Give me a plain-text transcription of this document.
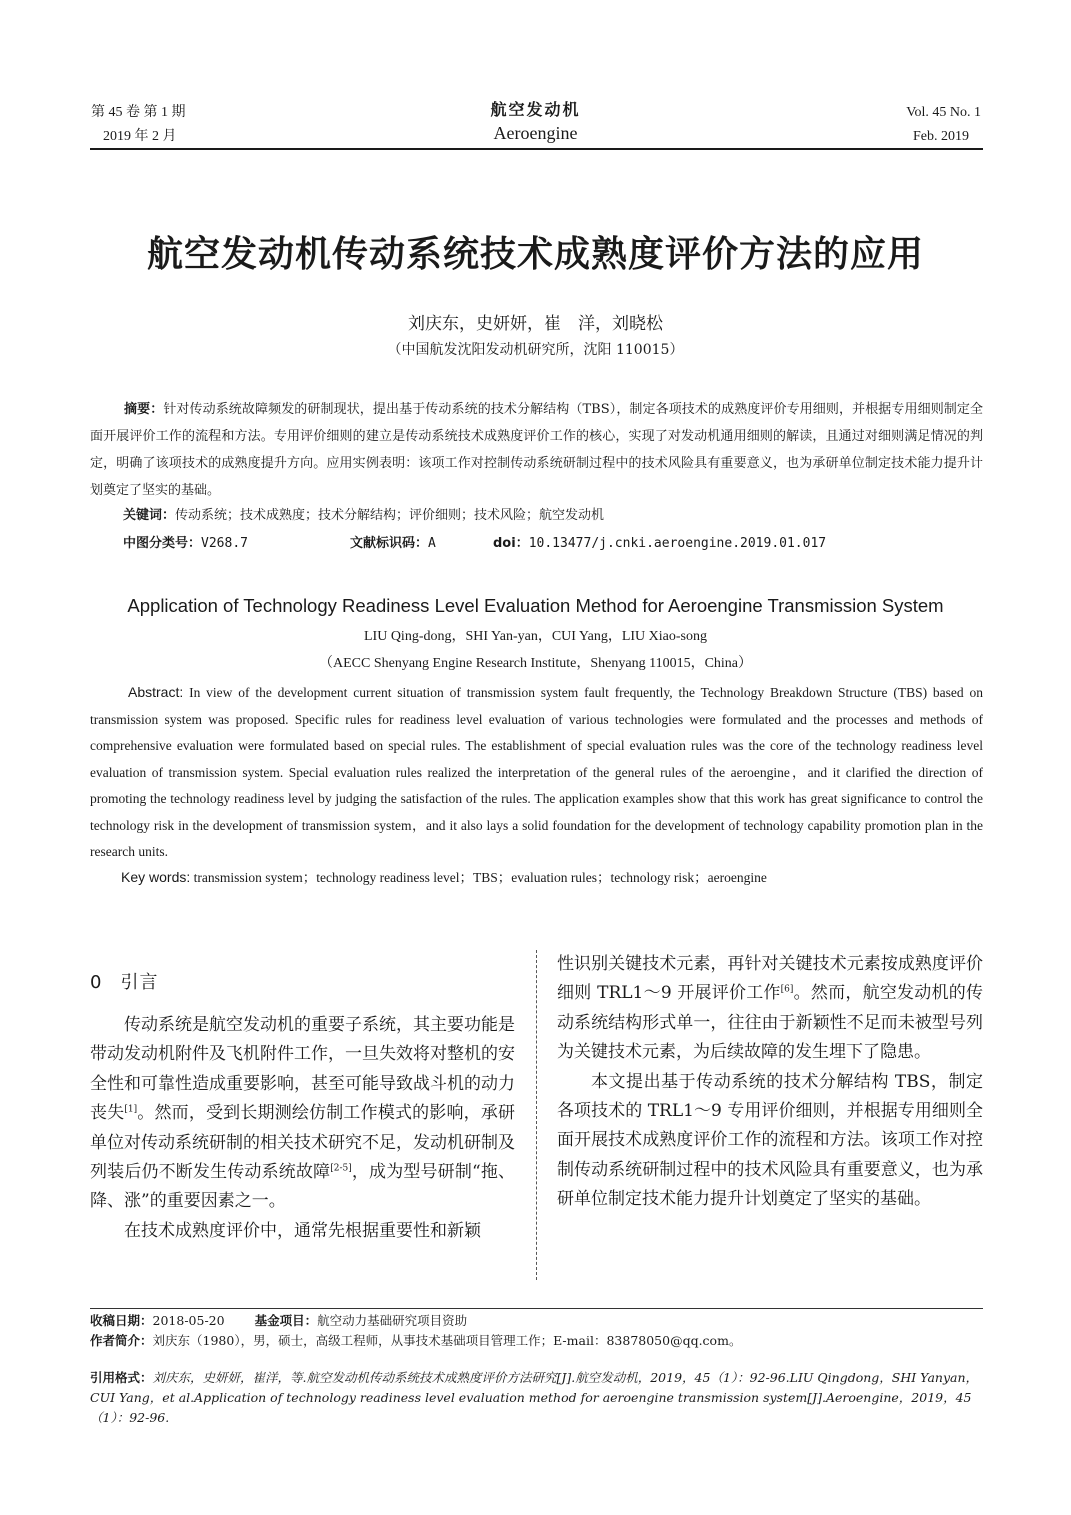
第 45 卷 第 1 期
2019 年 2 月
航空发动机
Aeroengine
Vol. 45 No. 1
Feb. 2019
航空发动机传动系统技术成熟度评价方法的应用
刘庆东，史妍妍，崔　洋，刘晓松
（中国航发沈阳发动机研究所，沈阳 110015）

摘要：针对传动系统故障频发的研制现状，提出基于传动系统的技术分解结构（TBS），制定各项技术的成熟度评价专用细则，并根据专用细则制定全面开展评价工作的流程和方法。专用评价细则的建立是传动系统技术成熟度评价工作的核心，实现了对发动机通用细则的解读，且通过对细则满足情况的判定，明确了该项技术的成熟度提升方向。应用实例表明：该项工作对控制传动系统研制过程中的技术风险具有重要意义，也为承研单位制定技术能力提升计划奠定了坚实的基础。

关键词：传动系统；技术成熟度；技术分解结构；评价细则；技术风险；航空发动机
中图分类号：V268.7	文献标识码：A	doi：10.13477/j.cnki.aeroengine.2019.01.017
Application of Technology Readiness Level Evaluation Method for Aeroengine Transmission System
LIU Qing-dong，SHI Yan-yan，CUI Yang，LIU Xiao-song
（AECC Shenyang Engine Research Institute，Shenyang 110015，China）

Abstract: In view of the development current situation of transmission system fault frequently, the Technology Breakdown Structure (TBS) based on transmission system was proposed. Specific rules for readiness level evaluation of various technologies were formulated and the processes and methods of comprehensive evaluation were formulated based on special rules. The establishment of special evaluation rules was the core of the technology readiness level evaluation of transmission system. Special evaluation rules realized the interpretation of the general rules of the aeroengine，and it clarified the direction of promoting the technology readiness level by judging the satisfaction of the rules. The application examples show that this work has great significance to control the technology risk in the development of transmission system，and it also lays a solid foundation for the development of technology capability promotion plan in the research units.

Key words: transmission system；technology readiness level；TBS；evaluation rules；technology risk；aeroengine
0 引言

传动系统是航空发动机的重要子系统，其主要功能是带动发动机附件及飞机附件工作，一旦失效将对整机的安全性和可靠性造成重要影响，甚至可能导致战斗机的动力丧失[1]。然而，受到长期测绘仿制工作模式的影响，承研单位对传动系统研制的相关技术研究不足，发动机研制及列装后仍不断发生传动系统故障[2-5]，成为型号研制“拖、降、涨”的重要因素之一。

在技术成熟度评价中，通常先根据重要性和新颖

性识别关键技术元素，再针对关键技术元素按成熟度评价细则 TRL1～9 开展评价工作[6]。然而，航空发动机的传动系统结构形式单一，往往由于新颖性不足而未被型号列为关键技术元素，为后续故障的发生埋下了隐患。

本文提出基于传动系统的技术分解结构 TBS，制定各项技术的 TRL1～9 专用评价细则，并根据专用细则全面开展技术成熟度评价工作的流程和方法。该项工作对控制传动系统研制过程中的技术风险具有重要意义，也为承研单位制定技术能力提升计划奠定了坚实的基础。

收稿日期：2018-05-20 基金项目：航空动力基础研究项目资助
作者简介：刘庆东（1980），男，硕士，高级工程师，从事技术基础项目管理工作；E-mail：83878050@qq.com。
引用格式：刘庆东，史妍妍，崔洋，等.航空发动机传动系统技术成熟度评价方法研究[J].航空发动机，2019，45（1）：92-96.LIU Qingdong，SHI Yanyan，CUI Yang，et al.Application of technology readiness level evaluation method for aeroengine transmission system[J].Aeroengine，2019，45（1）：92-96.
